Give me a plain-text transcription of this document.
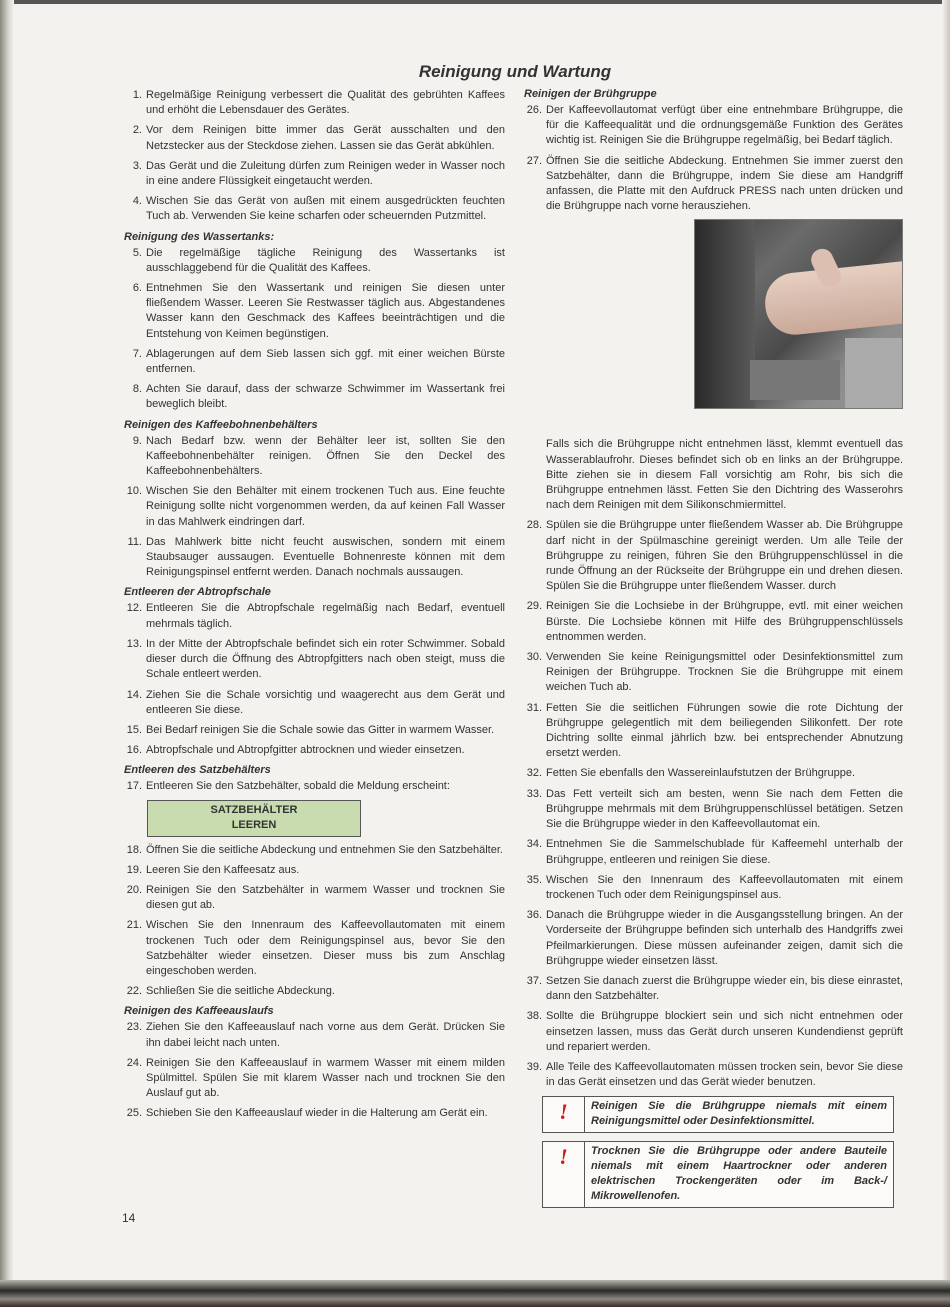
Reinigung und Wartung
1. Regelmäßige Reinigung verbessert die Qualität des gebrühten Kaffees und erhöht die Lebensdauer des Gerätes.
2. Vor dem Reinigen bitte immer das Gerät ausschalten und den Netzstecker aus der Steckdose ziehen. Lassen sie das Gerät abkühlen.
3. Das Gerät und die Zuleitung dürfen zum Reinigen weder in Wasser noch in eine andere Flüssigkeit eingetaucht werden.
4. Wischen Sie das Gerät von außen mit einem ausgedrückten feuchten Tuch ab. Verwenden Sie keine scharfen oder scheuernden Putzmittel.
Reinigung des Wassertanks:
5. Die regelmäßige tägliche Reinigung des Wassertanks ist ausschlaggebend für die Qualität des Kaffees.
6. Entnehmen Sie den Wassertank und reinigen Sie diesen unter fließendem Wasser. Leeren Sie Restwasser täglich aus. Abgestandenes Wasser kann den Geschmack des Kaffees beeinträchtigen und die Entstehung von Keimen begünstigen.
7. Ablagerungen auf dem Sieb lassen sich ggf. mit einer weichen Bürste entfernen.
8. Achten Sie darauf, dass der schwarze Schwimmer im Wassertank frei beweglich bleibt.
Reinigen des Kaffeebohnenbehälters
9. Nach Bedarf bzw. wenn der Behälter leer ist, sollten Sie den Kaffeebohnenbehälter reinigen. Öffnen Sie den Deckel des Kaffeebohnenbehälters.
10. Wischen Sie den Behälter mit einem trockenen Tuch aus. Eine feuchte Reinigung sollte nicht vorgenommen werden, da auf keinen Fall Wasser in das Mahlwerk eindringen darf.
11. Das Mahlwerk bitte nicht feucht auswischen, sondern mit einem Staubsauger aussaugen. Eventuelle Bohnenreste können mit dem Reinigungspinsel entfernt werden. Danach nochmals aussaugen.
Entleeren der Abtropfschale
12. Entleeren Sie die Abtropfschale regelmäßig nach Bedarf, eventuell mehrmals täglich.
13. In der Mitte der Abtropfschale befindet sich ein roter Schwimmer. Sobald dieser durch die Öffnung des Abtropfgitters nach oben steigt, muss die Schale entleert werden.
14. Ziehen Sie die Schale vorsichtig und waagerecht aus dem Gerät und entleeren Sie diese.
15. Bei Bedarf reinigen Sie die Schale sowie das Gitter in warmem Wasser.
16. Abtropfschale und Abtropfgitter abtrocknen und wieder einsetzen.
Entleeren des Satzbehälters
17. Entleeren Sie den Satzbehälter, sobald die Meldung erscheint:
SATZBEHÄLTER
LEEREN
18. Öffnen Sie die seitliche Abdeckung und entnehmen Sie den Satzbehälter.
19. Leeren Sie den Kaffeesatz aus.
20. Reinigen Sie den Satzbehälter in warmem Wasser und trocknen Sie diesen gut ab.
21. Wischen Sie den Innenraum des Kaffeevollautomaten mit einem trockenen Tuch oder dem Reinigungspinsel aus, bevor Sie den Satzbehälter wieder einsetzen. Dieser muss bis zum Anschlag eingeschoben werden.
22. Schließen Sie die seitliche Abdeckung.
Reinigen des Kaffeeauslaufs
23. Ziehen Sie den Kaffeeauslauf nach vorne aus dem Gerät. Drücken Sie ihn dabei leicht nach unten.
24. Reinigen Sie den Kaffeeauslauf in warmem Wasser mit einem milden Spülmittel. Spülen Sie mit klarem Wasser nach und trocknen Sie den Auslauf gut ab.
25. Schieben Sie den Kaffeeauslauf wieder in die Halterung am Gerät ein.
Reinigen der Brühgruppe
26. Der Kaffeevollautomat verfügt über eine entnehmbare Brühgruppe, die für die Kaffeequalität und die ordnungsgemäße Funktion des Gerätes wichtig ist. Reinigen Sie die Brühgruppe regelmäßig, bei Bedarf täglich.
27. Öffnen Sie die seitliche Abdeckung. Entnehmen Sie immer zuerst den Satzbehälter, dann die Brühgruppe, indem Sie diese am Handgriff anfassen, die Platte mit den Aufdruck PRESS nach unten drücken und die Brühgruppe nach vorne herausziehen.
Falls sich die Brühgruppe nicht entnehmen lässt, klemmt eventuell das Wasserablaufrohr. Dieses befindet sich ob en links an der Brühgruppe. Bitte ziehen sie in diesem Fall vorsichtig am Rohr, bis sich die Brühgruppe entnehmen lässt. Fetten Sie den Dichtring des Wasserohrs nach dem Reinigen mit dem Silikonschmiermittel.
28. Spülen sie die Brühgruppe unter fließendem Wasser ab. Die Brühgruppe darf nicht in der Spülmaschine gereinigt werden. Um alle Teile der Brühgruppe zu reinigen, führen Sie den Brühgruppenschlüssel in die runde Öffnung an der Rückseite der Brühgruppe ein und drehen diesen. Spülen Sie die Brühgruppe unter fließendem Wasser. durch
29. Reinigen Sie die Lochsiebe in der Brühgruppe, evtl. mit einer weichen Bürste. Die Lochsiebe können mit Hilfe des Brühgruppenschlüssels entnommen werden.
30. Verwenden Sie keine Reinigungsmittel oder Desinfektionsmittel zum Reinigen der Brühgruppe. Trocknen Sie die Brühgruppe mit einem weichen Tuch ab.
31. Fetten Sie die seitlichen Führungen sowie die rote Dichtung der Brühgruppe gelegentlich mit dem beiliegenden Silikonfett. Der rote Dichtring sollte einmal jährlich bzw. bei entsprechender Abnutzung ersetzt werden.
32. Fetten Sie ebenfalls den Wassereinlaufstutzen der Brühgruppe.
33. Das Fett verteilt sich am besten, wenn Sie nach dem Fetten die Brühgruppe mehrmals mit dem Brühgruppenschlüssel betätigen. Setzen Sie die Brühgruppe wieder in den Kaffeevollautomat ein.
34. Entnehmen Sie die Sammelschublade für Kaffeemehl unterhalb der Brühgruppe, entleeren und reinigen Sie diese.
35. Wischen Sie den Innenraum des Kaffeevollautomaten mit einem trockenen Tuch oder dem Reinigungspinsel aus.
36. Danach die Brühgruppe wieder in die Ausgangsstellung bringen. An der Vorderseite der Brühgruppe befinden sich unterhalb des Handgriffs zwei Pfeilmarkierungen. Diese müssen aufeinander zeigen, damit sich die Brühgruppe wieder einsetzen lässt.
37. Setzen Sie danach zuerst die Brühgruppe wieder ein, bis diese einrastet, dann den Satzbehälter.
38. Sollte die Brühgruppe blockiert sein und sich nicht entnehmen oder einsetzen lassen, muss das Gerät durch unseren Kundendienst geprüft und repariert werden.
39. Alle Teile des Kaffeevollautomaten müssen trocken sein, bevor Sie diese in das Gerät einsetzen und das Gerät wieder benutzen.
!	Reinigen Sie die Brühgruppe niemals mit einem Reinigungsmittel oder Desinfektionsmittel.
!	Trocknen Sie die Brühgruppe oder andere Bauteile niemals mit einem Haartrockner oder anderen elektrischen Trockengeräten oder im Back-/ Mikrowellenofen.
14
